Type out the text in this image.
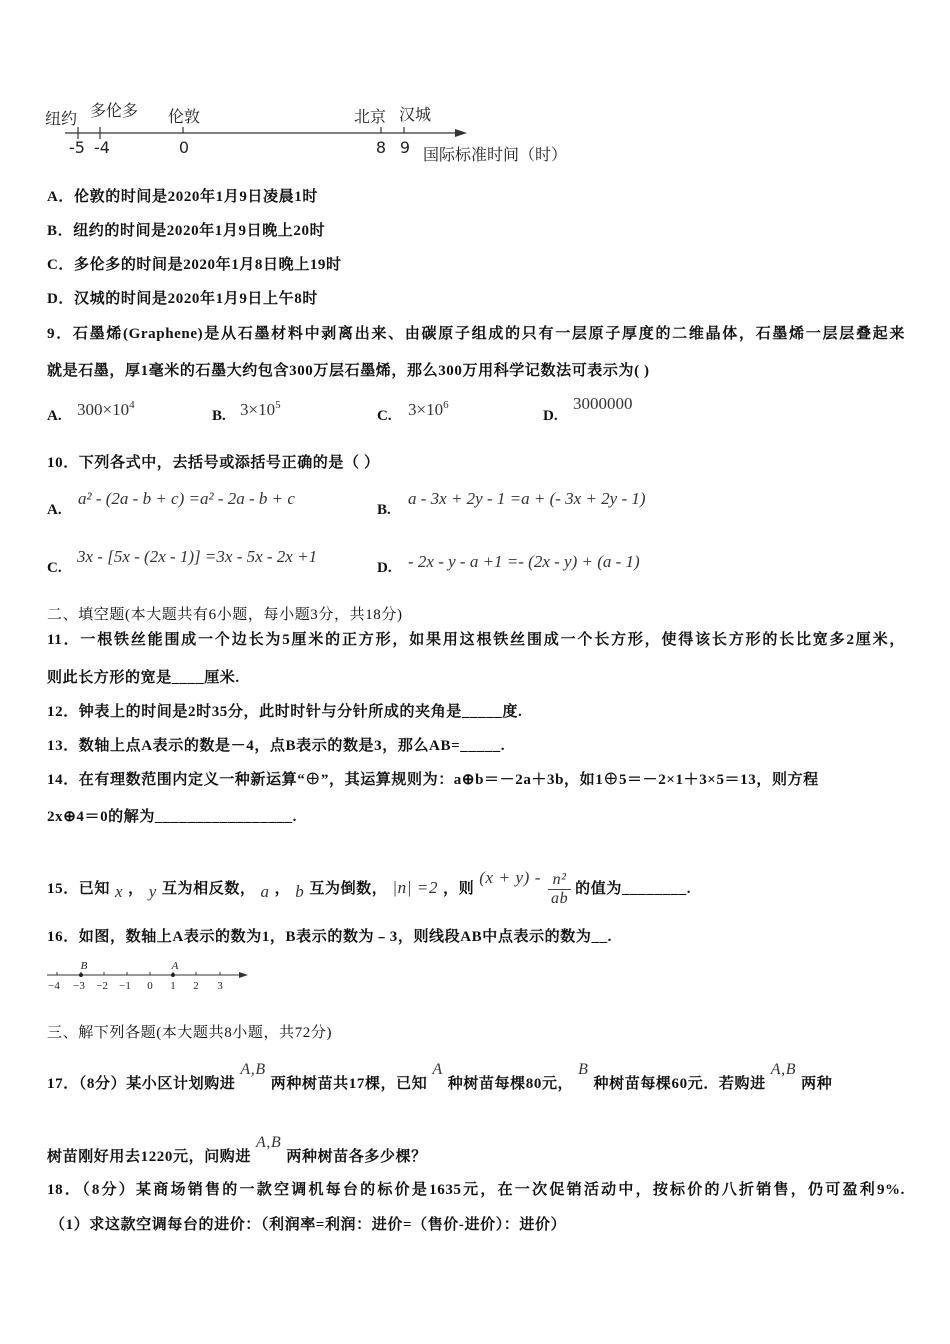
纽约 多伦多 伦敦	北京 汉城
-5 -4	0	8 9 国际标准时间（时）
A．伦敦的时间是2020年1月9日凌晨1时
B．纽约的时间是2020年1月9日晚上20时
C．多伦多的时间是2020年1月8日晚上19时
D．汉城的时间是2020年1月9日上午8时
9．石墨烯(Graphene)是从石墨材料中剥离出来、由碳原子组成的只有一层原子厚度的二维晶体，石墨烯一层层叠起来
就是石墨，厚1毫米的石墨大约包含300万层石墨烯，那么300万用科学记数法可表示为( )
A. $300\times 10^4$
B. $3\times 10^5$
C. $3\times 10^6$
D.
3000000
10．下列各式中，去括号或添括号正确的是（ ）
A.
a² - (2a - b + c) =a² - 2a - b + c
B.
a - 3x + 2y - 1 =a + (- 3x + 2y - 1)
C.
3x - [5x - (2x - 1)] =3x - 5x - 2x +1
D. - 2x - y - a +1 =- (2x - y) + (a - 1)
二、填空题(本大题共有6小题，每小题3分，共18分)
11．一根铁丝能围成一个边长为5厘米的正方形，如果用这根铁丝围成一个长方形，使得该长方形的长比宽多2厘米，
则此长方形的宽是____厘米.
12．钟表上的时间是2时35分，此时时针与分针所成的夹角是_____度.
13．数轴上点A表示的数是－4，点B表示的数是3，那么AB=_____.
14．在有理数范围内定义一种新运算“⊕”，其运算规则为：a⊕b＝－2a＋3b，如1⊕5＝－2×1＋3×5＝13，则方程
2x⊕4＝0的解为_________________.
15．已知 x ， y 互为相反数， a ， b 互为倒数， |n| =2 ，则$(x + y) - \frac{\text{n²}}{ab}$ 的值为________.
16．如图，数轴上A表示的数为1，B表示的数为﹣3，则线段AB中点表示的数为__.
B	A
−4 −3 −2 −1 0 1 2 3
三、解下列各题(本大题共8小题，共72分)
17．（8分）某小区计划购进A,B两种树苗共17棵，已知A种树苗每棵80元，B种树苗每棵60元．若购进A,B两种
树苗刚好用去1220元，问购进A,B两种树苗各多少棵？
18．（8分）某商场销售的一款空调机每台的标价是1635元，在一次促销活动中，按标价的八折销售，仍可盈利9%.
（1）求这款空调每台的进价：（利润率=利润：进价=（售价-进价）：进价）
